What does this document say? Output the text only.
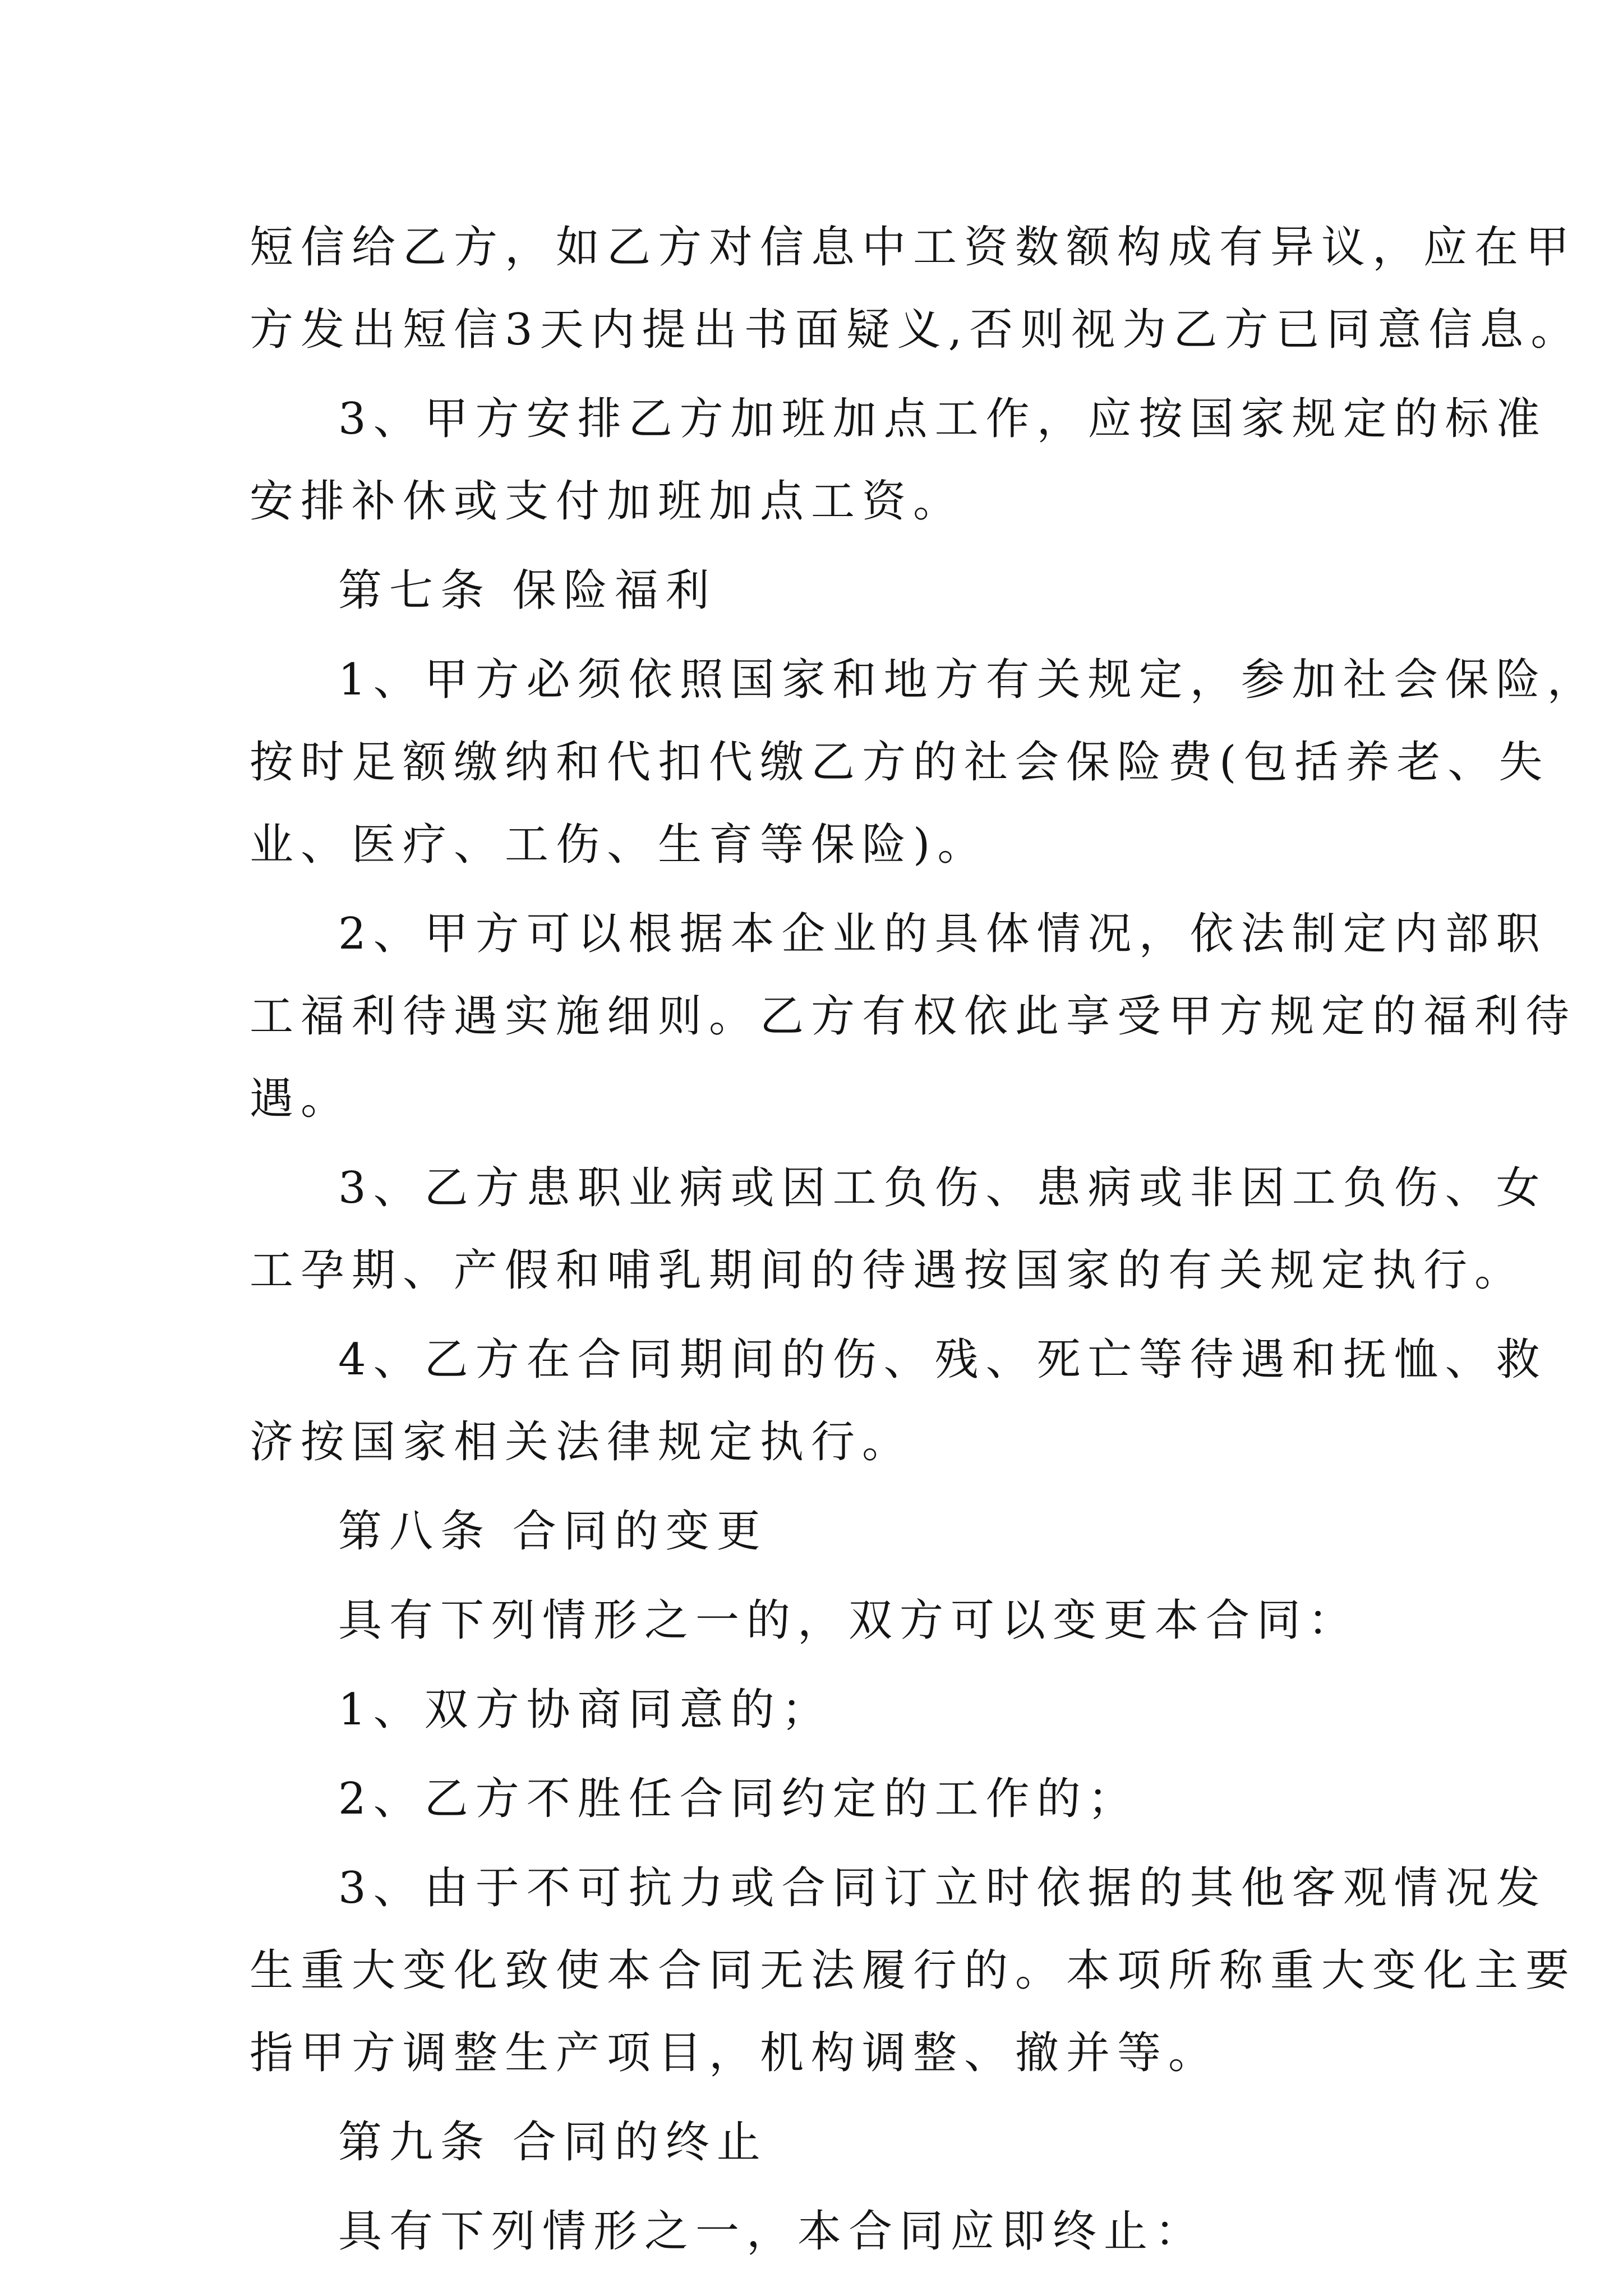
短信给乙方，如乙方对信息中工资数额构成有异议，应在甲

方发出短信3天内提出书面疑义,否则视为乙方已同意信息。

3、甲方安排乙方加班加点工作，应按国家规定的标准

安排补休或支付加班加点工资。

第七条 保险福利

1、甲方必须依照国家和地方有关规定，参加社会保险，

按时足额缴纳和代扣代缴乙方的社会保险费(包括养老、失

业、医疗、工伤、生育等保险)。

2、甲方可以根据本企业的具体情况，依法制定内部职

工福利待遇实施细则。乙方有权依此享受甲方规定的福利待

遇。

3、乙方患职业病或因工负伤、患病或非因工负伤、女

工孕期、产假和哺乳期间的待遇按国家的有关规定执行。

4、乙方在合同期间的伤、残、死亡等待遇和抚恤、救

济按国家相关法律规定执行。

第八条 合同的变更

具有下列情形之一的，双方可以变更本合同：

1、双方协商同意的；

2、乙方不胜任合同约定的工作的；

3、由于不可抗力或合同订立时依据的其他客观情况发

生重大变化致使本合同无法履行的。本项所称重大变化主要

指甲方调整生产项目，机构调整、撤并等。

第九条 合同的终止

具有下列情形之一，本合同应即终止：
